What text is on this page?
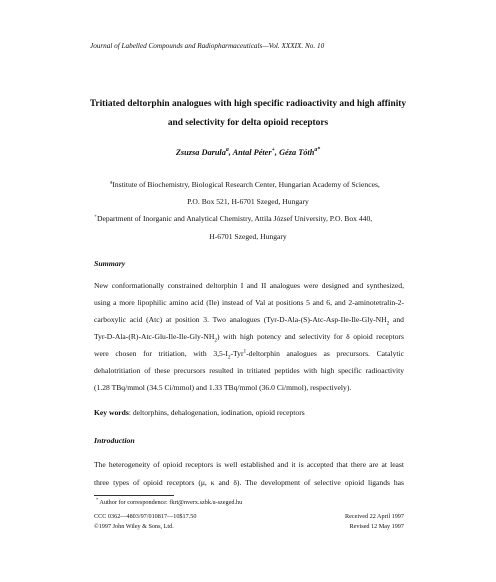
Journal of Labelled Compounds and Radiopharmaceuticals—Vol. XXXIX. No. 10
Tritiated deltorphin analogues with high specific radioactivity and high affinity
and selectivity for delta opioid receptors
Zsuzsa Darula$^a$, Antal Péter+, Géza Tóth$^{a*}$
$^a$Institute of Biochemistry, Biological Research Center, Hungarian Academy of Sciences,
P.O. Box 521, H-6701 Szeged, Hungary
+Department of Inorganic and Analytical Chemistry, Attila József University, P.O. Box 440,
H-6701 Szeged, Hungary
Summary
New conformationally constrained deltorphin I and II analogues were designed and synthesized,
using a more lipophilic amino acid (Ile) instead of Val at positions 5 and 6, and 2-aminotetralin-2-
carboxylic acid (Atc) at position 3. Two analogues ($Tyr-D-Ala-(S)-Atc-Asp-Ile-Ile-Gly-NH_2$ and
Tyr-$D-Ala-(R)-Atc-Glu-Ile-Ile-Gly-NH_2$) with high potency and selectivity for δ opioid receptors
were chosen for tritiation, with $3,5-I_2-Tyr^1$-deltorphin analogues as precursors. Catalytic
dehalotritiation of these precursors resulted in tritiated peptides with high specific radioactivity
(1.28 TBq/mmol (34.5 Ci/mmol) and 1.33 TBq/mmol (36.0 Ci/mmol), respectively).
Key words: deltorphins, dehalogenation, iodination, opioid receptors
Introduction
The heterogeneity of opioid receptors is well established and it is accepted that there are at least
three types of opioid receptors (μ, κ and δ). The development of selective opioid ligands has
* Author for correspondence: fkrt@nverx.szbk.u-szeged.hu
CCC 0362—4803/97/010817—10$17.50
©1997 John Wiley & Sons, Ltd.
Received 22 April 1997
Revised 12 May 1997
